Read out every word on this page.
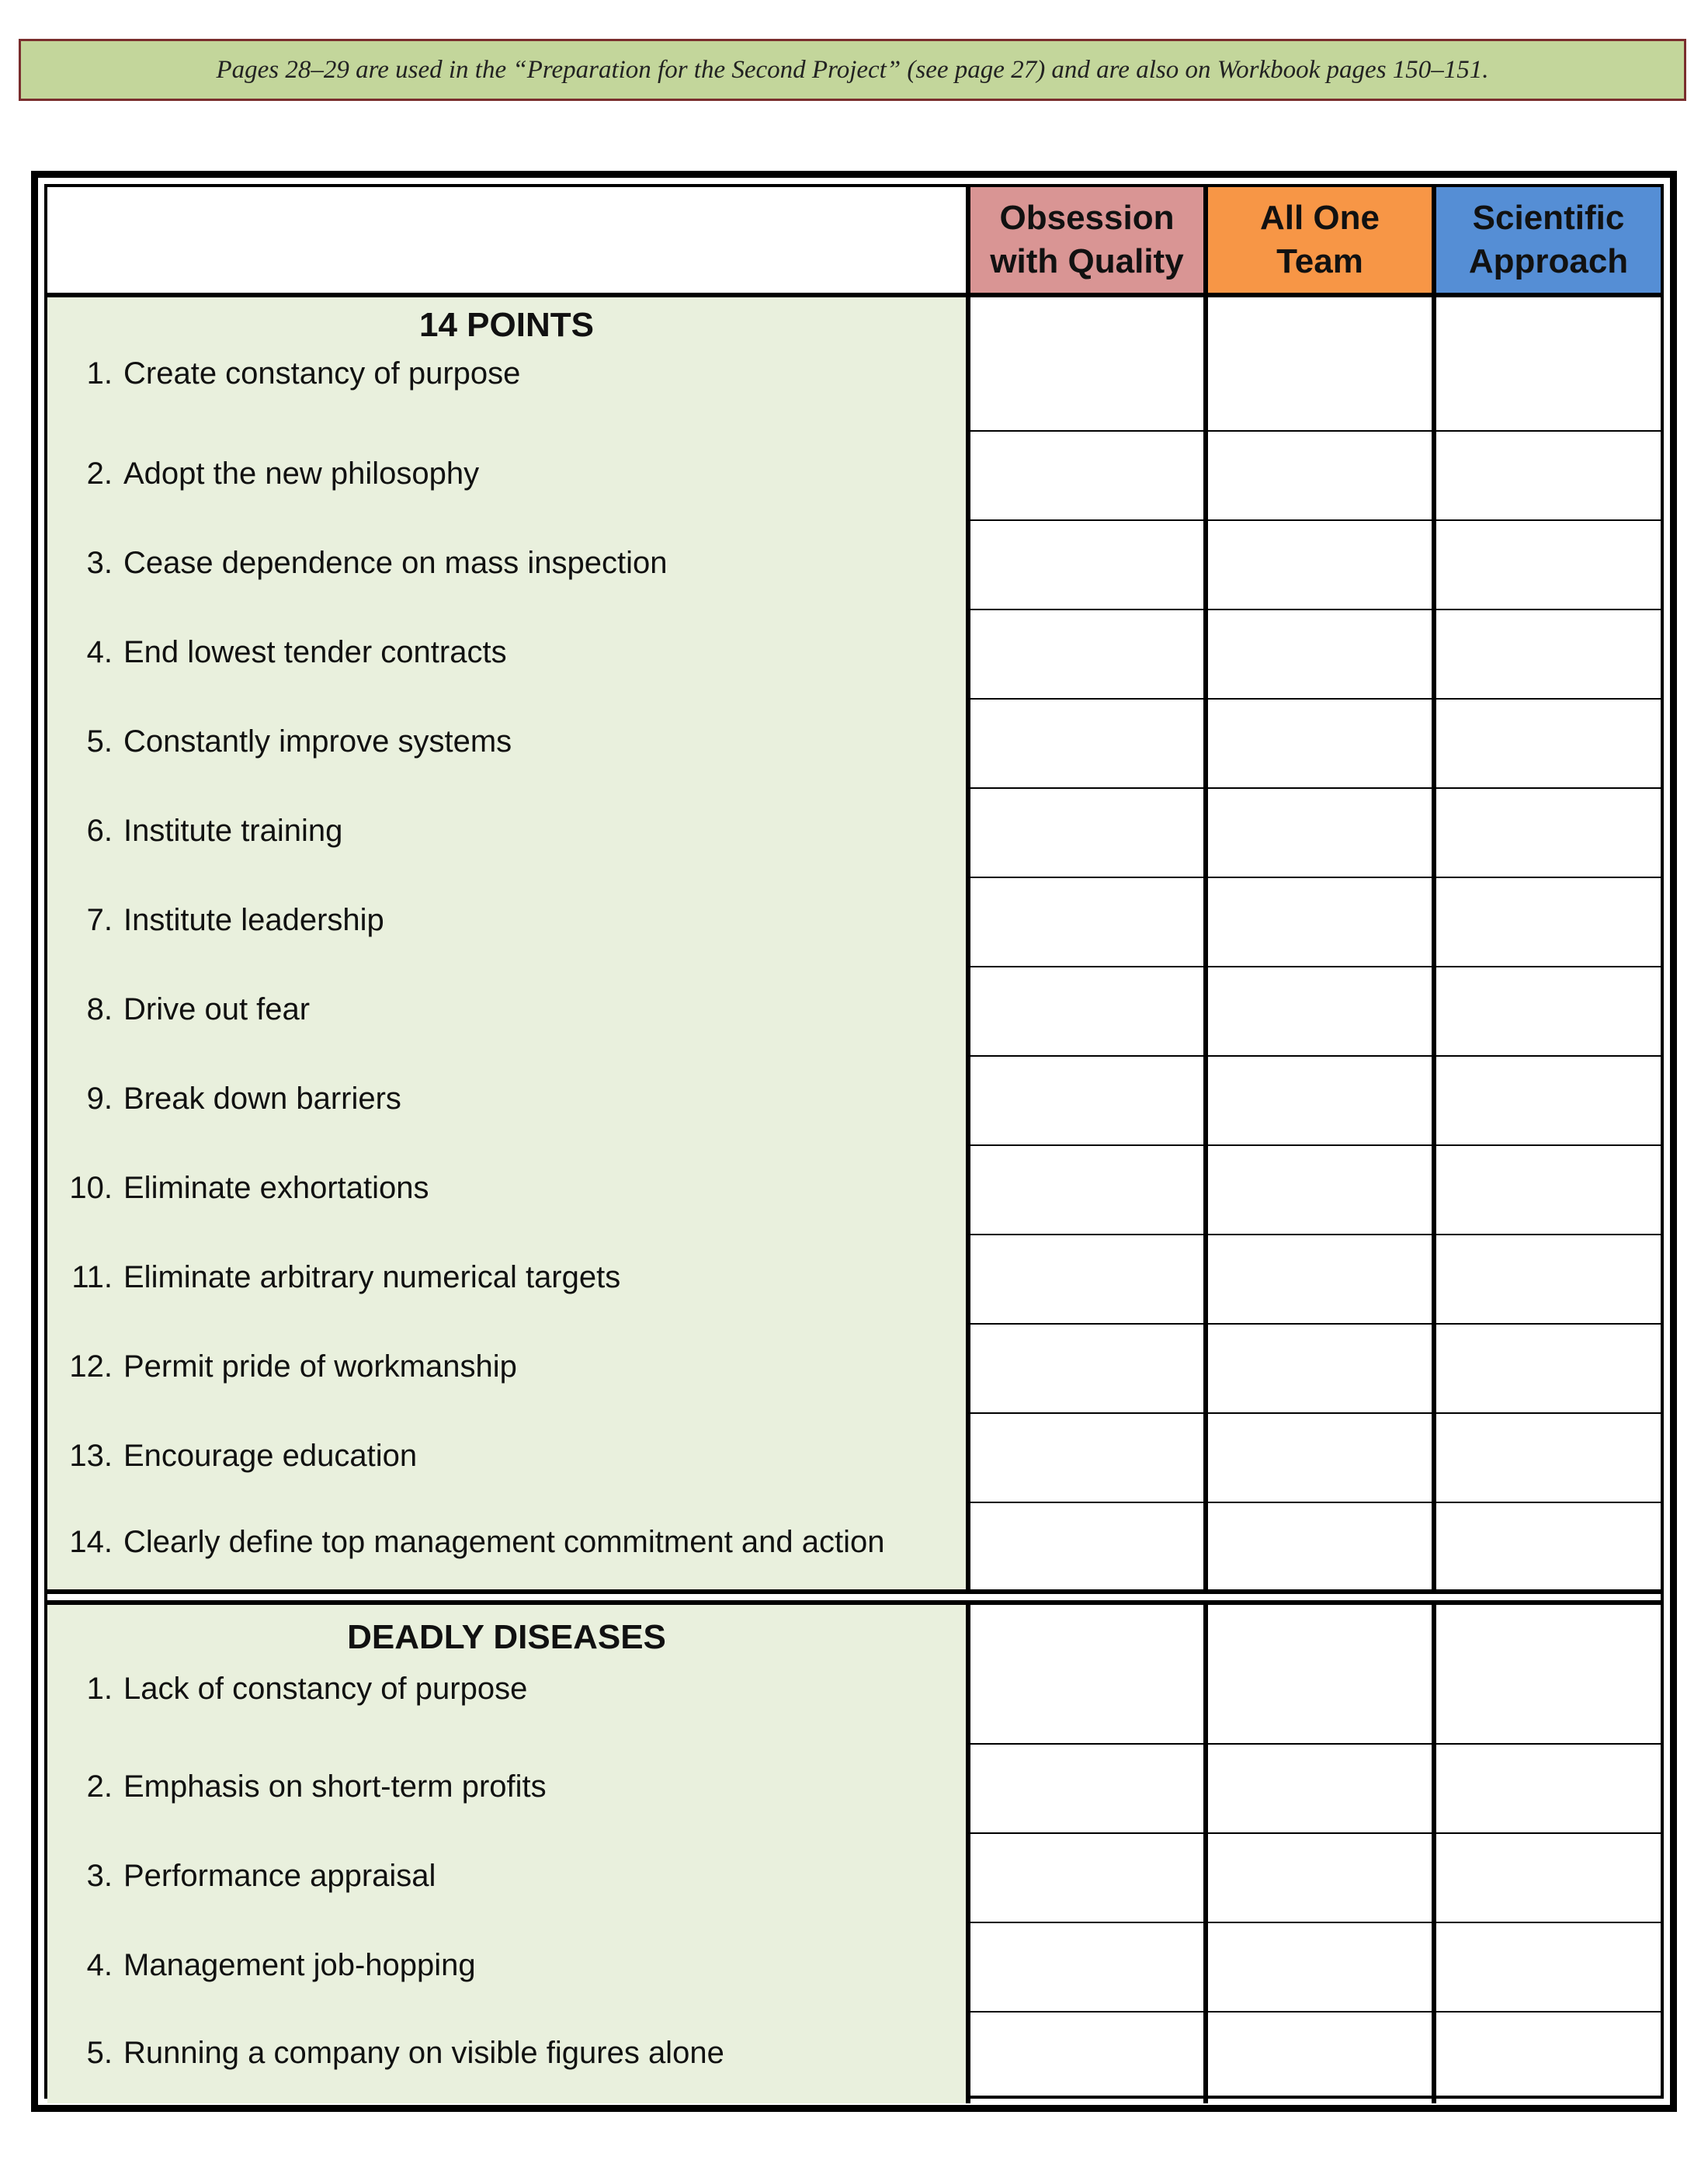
Pages 28–29 are used in the “Preparation for the Second Project” (see page 27) and are also on Workbook pages 150–151.
Obsession
with Quality
All One
Team
Scientific
Approach
14 POINTS
1. Create constancy of purpose
2. Adopt the new philosophy
3. Cease dependence on mass inspection
4. End lowest tender contracts
5. Constantly improve systems
6. Institute training
7. Institute leadership
8. Drive out fear
9. Break down barriers
10. Eliminate exhortations
11. Eliminate arbitrary numerical targets
12. Permit pride of workmanship
13. Encourage education
14. Clearly define top management commitment and action
DEADLY DISEASES
1. Lack of constancy of purpose
2. Emphasis on short-term profits
3. Performance appraisal
4. Management job-hopping
5. Running a company on visible figures alone
